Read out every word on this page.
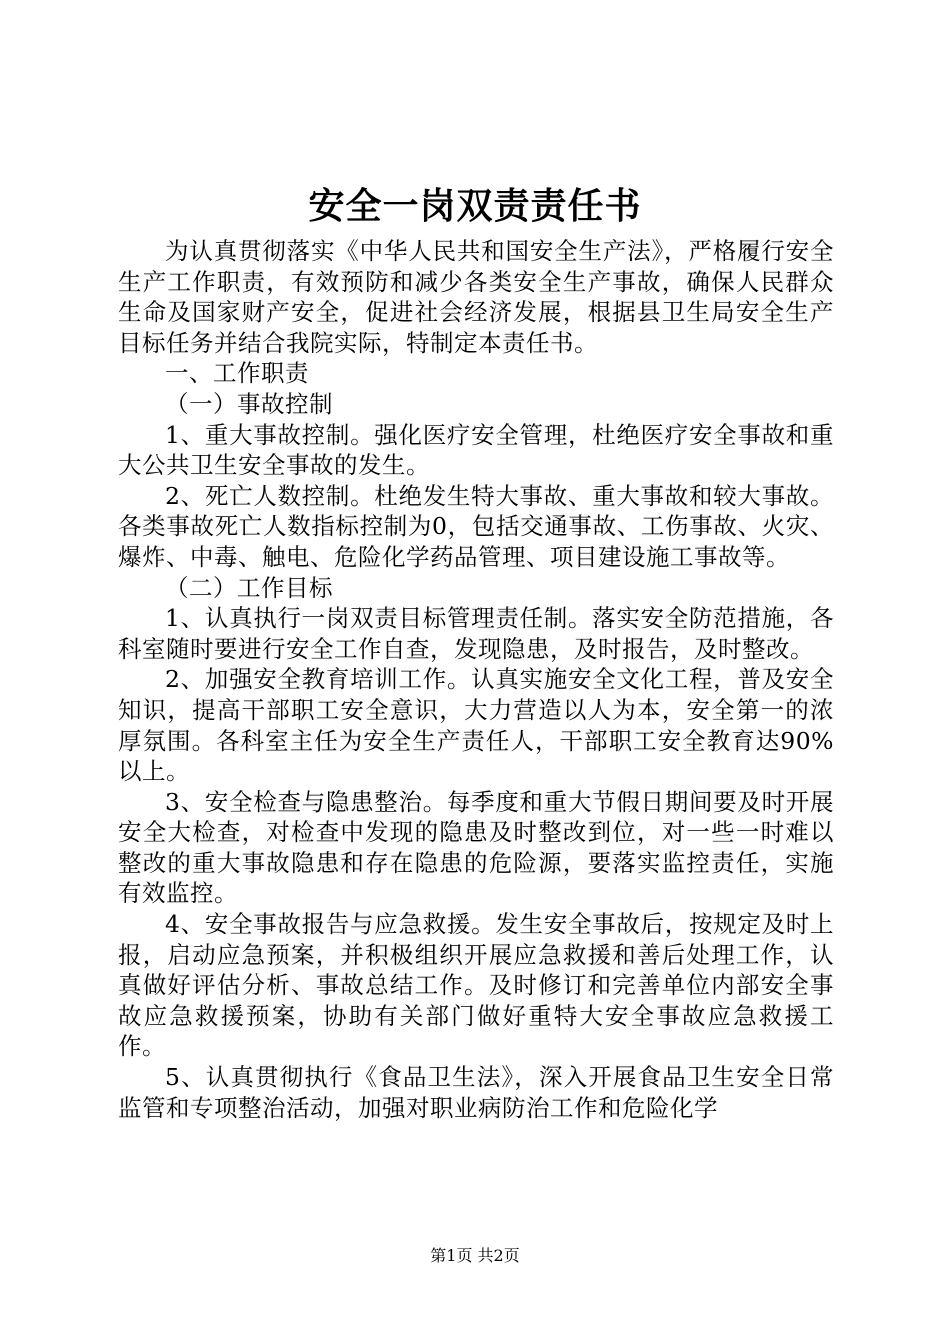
安全一岗双责责任书

为认真贯彻落实《中华人民共和国安全生产法》，严格履行安全生产工作职责，有效预防和减少各类安全生产事故，确保人民群众生命及国家财产安全，促进社会经济发展，根据县卫生局安全生产目标任务并结合我院实际，特制定本责任书。

一、工作职责

（一）事故控制

1、重大事故控制。强化医疗安全管理，杜绝医疗安全事故和重大公共卫生安全事故的发生。

2、死亡人数控制。杜绝发生特大事故、重大事故和较大事故。各类事故死亡人数指标控制为0，包括交通事故、工伤事故、火灾、爆炸、中毒、触电、危险化学药品管理、项目建设施工事故等。

（二）工作目标

1、认真执行一岗双责目标管理责任制。落实安全防范措施，各科室随时要进行安全工作自查，发现隐患，及时报告，及时整改。

2、加强安全教育培训工作。认真实施安全文化工程，普及安全知识，提高干部职工安全意识，大力营造以人为本，安全第一的浓厚氛围。各科室主任为安全生产责任人，干部职工安全教育达90%以上。

3、安全检查与隐患整治。每季度和重大节假日期间要及时开展安全大检查，对检查中发现的隐患及时整改到位，对一些一时难以整改的重大事故隐患和存在隐患的危险源，要落实监控责任，实施有效监控。

4、安全事故报告与应急救援。发生安全事故后，按规定及时上报，启动应急预案，并积极组织开展应急救援和善后处理工作，认真做好评估分析、事故总结工作。及时修订和完善单位内部安全事故应急救援预案，协助有关部门做好重特大安全事故应急救援工作。

5、认真贯彻执行《食品卫生法》，深入开展食品卫生安全日常监管和专项整治活动，加强对职业病防治工作和危险化学

第1页 共2页
